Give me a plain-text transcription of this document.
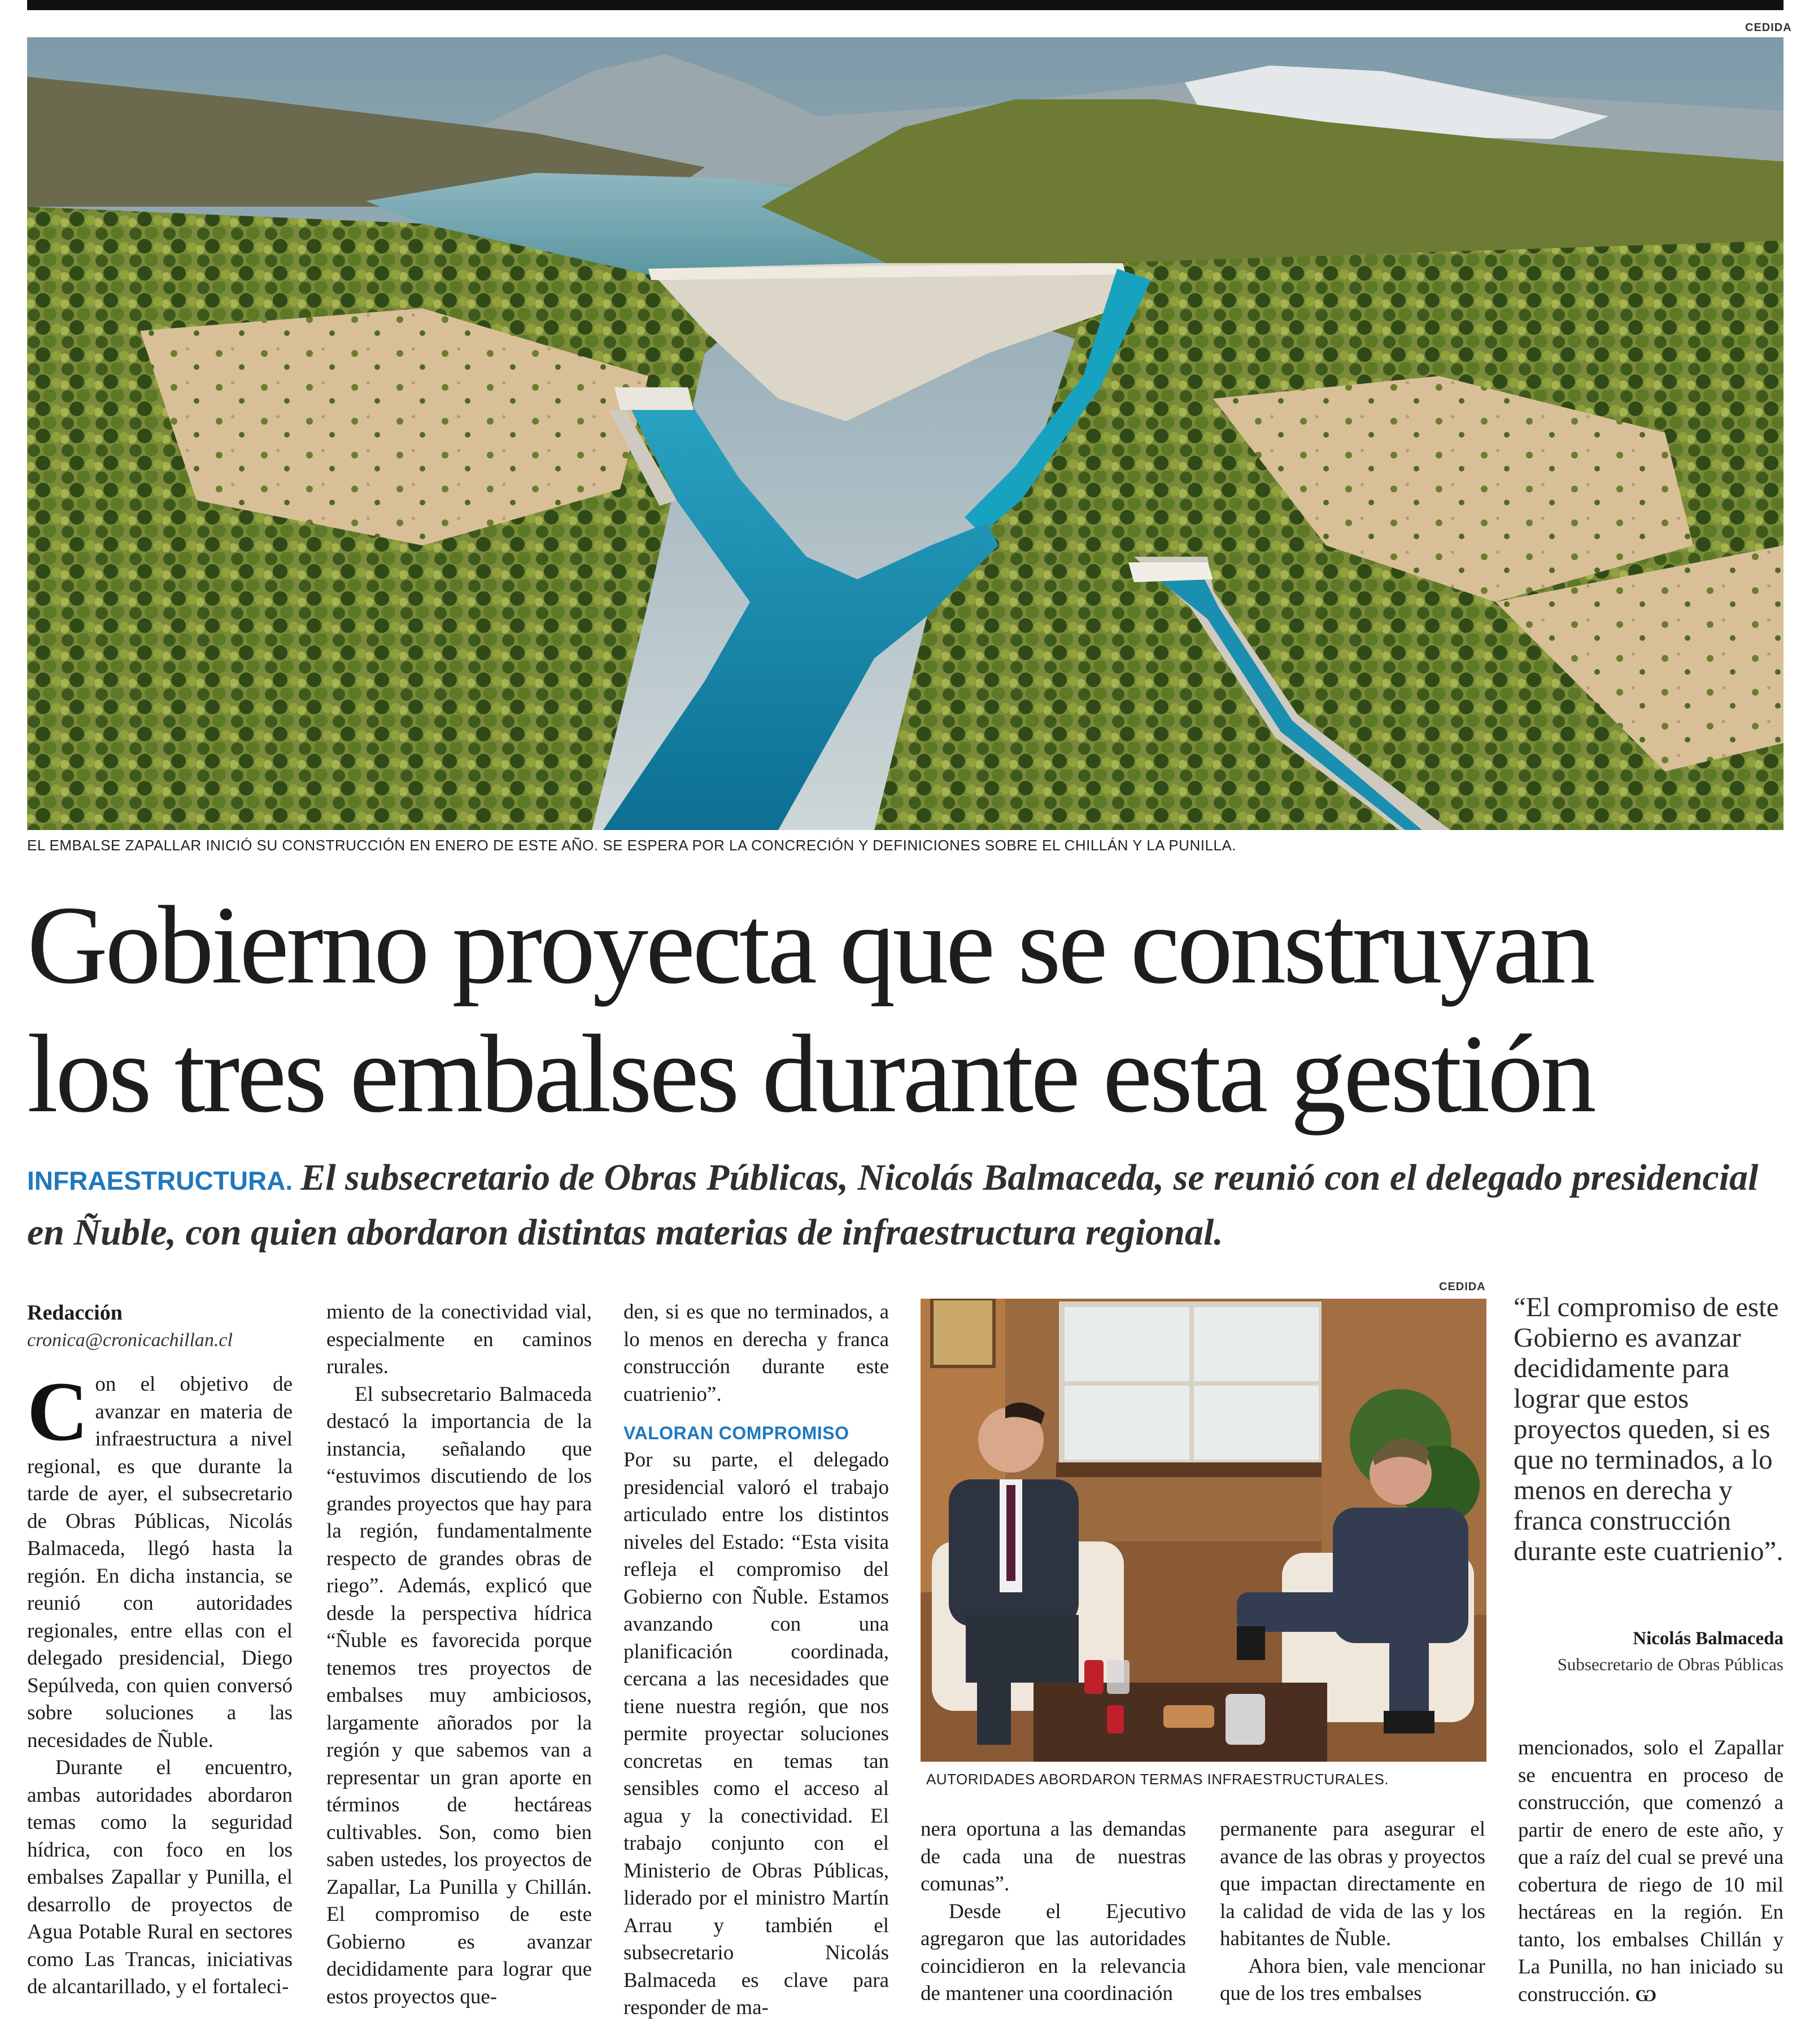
CEDIDA
EL EMBALSE ZAPALLAR INICIÓ SU CONSTRUCCIÓN EN ENERO DE ESTE AÑO. SE ESPERA POR LA CONCRECIÓN Y DEFINICIONES SOBRE EL CHILLÁN Y LA PUNILLA.
Gobierno proyecta que se construyan
los tres embalses durante esta gestión
INFRAESTRUCTURA. El subsecretario de Obras Públicas, Nicolás Balmaceda, se reunió con el delegado presidencial en Ñuble, con quien abordaron distintas materias de infraestructura regional.

Redacción

cronica@cronicachillan.cl

Con el objetivo de avanzar en materia de infraestructura a nivel regional, es que durante la tarde de ayer, el subsecretario de Obras Públicas, Nicolás Balmaceda, llegó hasta la región. En dicha instancia, se reunió con autoridades regionales, entre ellas con el delegado presidencial, Diego Sepúlveda, con quien conversó sobre soluciones a las necesidades de Ñuble.

Durante el encuentro, ambas autoridades abordaron temas como la seguridad hídrica, con foco en los embalses Zapallar y Punilla, el desarrollo de proyectos de Agua Potable Rural en sectores como Las Trancas, iniciativas de alcantarillado, y el fortaleci-

miento de la conectividad vial, especialmente en caminos rurales.

El subsecretario Balmaceda destacó la importancia de la instancia, señalando que “estuvimos discutiendo de los grandes proyectos que hay para la región, fundamentalmente respecto de grandes obras de riego”. Además, explicó que desde la perspectiva hídrica “Ñuble es favorecida porque tenemos tres proyectos de embalses muy ambiciosos, largamente añorados por la región y que sabemos van a representar un gran aporte en términos de hectáreas cultivables. Son, como bien saben ustedes, los proyectos de Zapallar, La Punilla y Chillán. El compromiso de este Gobierno es avanzar decididamente para lograr que estos proyectos que-

den, si es que no terminados, a lo menos en derecha y franca construcción durante este cuatrienio”.

VALORAN COMPROMISO

Por su parte, el delegado presidencial valoró el trabajo articulado entre los distintos niveles del Estado: “Esta visita refleja el compromiso del Gobierno con Ñuble. Estamos avanzando con una planificación coordinada, cercana a las necesidades que tiene nuestra región, que nos permite proyectar soluciones concretas en temas tan sensibles como el acceso al agua y la conectividad. El trabajo conjunto con el Ministerio de Obras Públicas, liderado por el ministro Martín Arrau y también el subsecretario Nicolás Balmaceda es clave para responder de ma-

CEDIDA
AUTORIDADES ABORDARON TERMAS INFRAESTRUCTURALES.

nera oportuna a las demandas de cada una de nuestras comunas”.

Desde el Ejecutivo agregaron que las autoridades coincidieron en la relevancia de mantener una coordinación

permanente para asegurar el avance de las obras y proyectos que impactan directamente en la calidad de vida de las y los habitantes de Ñuble.

Ahora bien, vale mencionar que de los tres embalses

“El compromiso de este Gobierno es avanzar decididamente para lograr que estos proyectos queden, si es que no terminados, a lo menos en derecha y franca construcción durante este cuatrienio”.
Nicolás Balmaceda
Subsecretario de Obras Públicas

mencionados, solo el Zapallar se encuentra en proceso de construcción, que comenzó a partir de enero de este año, y que a raíz del cual se prevé una cobertura de riego de 10 mil hectáreas en la región. En tanto, los embalses Chillán y La Punilla, no han iniciado su construcción. Ѡ
